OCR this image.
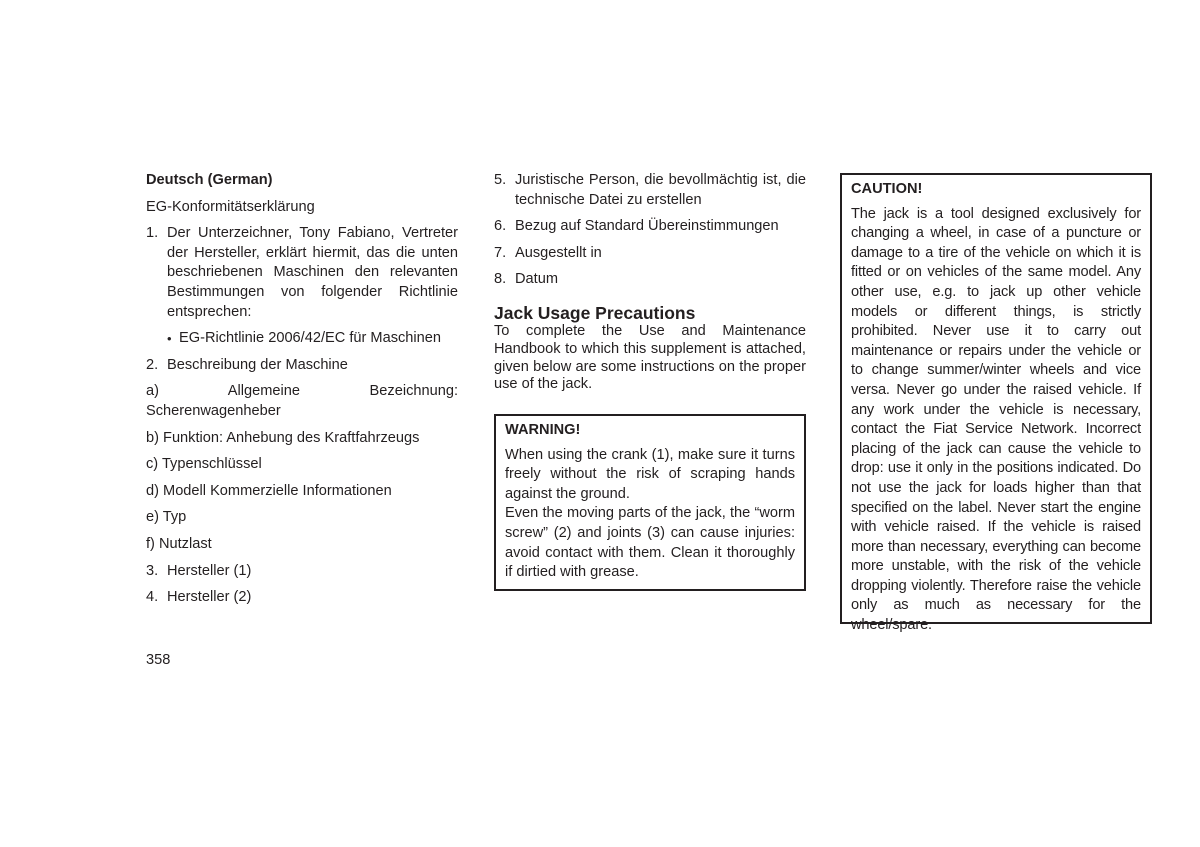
Deutsch (German)
EG-Konformitätserklärung
1. Der Unterzeichner, Tony Fabiano, Vertreter der Hersteller, erklärt hiermit, das die unten beschriebenen Maschinen den relevanten Bestimmungen von folgender Richtlinie entsprechen:
• EG-Richtlinie 2006/42/EC für Maschinen
2. Beschreibung der Maschine
a) Allgemeine Bezeichnung: Scherenwagenheber
b) Funktion: Anhebung des Kraftfahrzeugs
c) Typenschlüssel
d) Modell Kommerzielle Informationen
e) Typ
f) Nutzlast
3. Hersteller (1)
4. Hersteller (2)
5. Juristische Person, die bevollmächtig ist, die technische Datei zu erstellen
6. Bezug auf Standard Übereinstimmungen
7. Ausgestellt in
8. Datum
Jack Usage Precautions

To complete the Use and Maintenance Handbook to which this supplement is attached, given below are some instructions on the proper use of the jack.

WARNING!

When using the crank (1), make sure it turns freely without the risk of scraping hands against the ground.

Even the moving parts of the jack, the “worm screw” (2) and joints (3) can cause injuries: avoid contact with them. Clean it thoroughly if dirtied with grease.

CAUTION!

The jack is a tool designed exclusively for changing a wheel, in case of a puncture or damage to a tire of the vehicle on which it is fitted or on vehicles of the same model. Any other use, e.g. to jack up other vehicle models or different things, is strictly prohibited. Never use it to carry out maintenance or repairs under the vehicle or to change summer/winter wheels and vice versa. Never go under the raised vehicle. If any work under the vehicle is necessary, contact the Fiat Service Network. Incorrect placing of the jack can cause the vehicle to drop: use it only in the positions indicated. Do not use the jack for loads higher than that specified on the label. Never start the engine with vehicle raised. If the vehicle is raised more than necessary, everything can become more unstable, with the risk of the vehicle dropping violently. Therefore raise the vehicle only as much as necessary for the wheel/spare.

358
